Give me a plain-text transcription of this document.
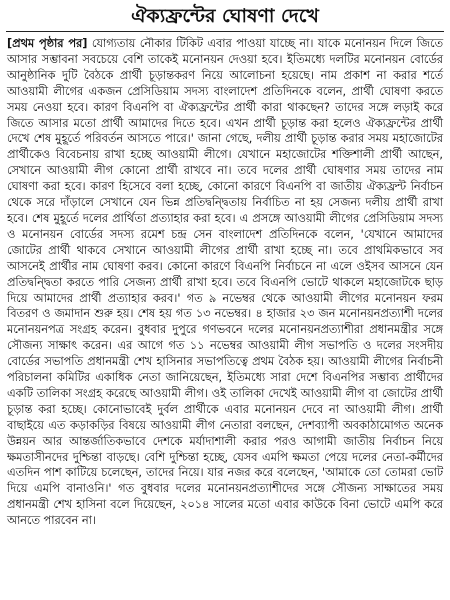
ঐক্যফ্রন্টের ঘোষণা দেখে

[প্রথম পৃষ্ঠার পর] যোগ্যতায় নৌকার টিকিট এবার পাওয়া যাচ্ছে না। যাকে মনোনয়ন দিলে জিতে আসার সম্ভাবনা সবচেয়ে বেশি তাকেই মনোনয়ন দেওয়া হবে। ইতিমধ্যে দলটির মনোনয়ন বোর্ডের আনুষ্ঠানিক দুটি বৈঠকে প্রার্থী চূড়ান্তকরণ নিয়ে আলোচনা হয়েছে। নাম প্রকাশ না করার শর্তে আওয়ামী লীগের একজন প্রেসিডিয়াম সদস্য বাংলাদেশ প্রতিদিনকে বলেন, প্রার্থী ঘোষণা করতে সময় নেওয়া হবে। কারণ বিএনপি বা ঐক্যফ্রন্টের প্রার্থী কারা থাকছেন? তাদের সঙ্গে লড়াই করে জিতে আসার মতো প্রার্থী আমাদের দিতে হবে। এখন প্রার্থী চূড়ান্ত করা হলেও ঐক্যফ্রন্টের প্রার্থী দেখে শেষ মুহূর্তে পরিবর্তন আসতে পারে।' জানা গেছে, দলীয় প্রার্থী চূড়ান্ত করার সময় মহাজোটের প্রার্থীকেও বিবেচনায় রাখা হচ্ছে আওয়ামী লীগে। যেখানে মহাজোটের শক্তিশালী প্রার্থী আছেন, সেখানে আওয়ামী লীগ কোনো প্রার্থী রাখবে না। তবে দলের প্রার্থী ঘোষণার সময় তাদের নাম ঘোষণা করা হবে। কারণ হিসেবে বলা হচ্ছে, কোনো কারণে বিএনপি বা জাতীয় ঐক্যফ্রন্ট নির্বাচন থেকে সরে দাঁড়ালে সেখানে যেন ভিন্ন প্রতিদ্বন্দ্বিতায় নির্বাচিত না হয় সেজন্য দলীয় প্রার্থী রাখা হবে। শেষ মুহূর্তে দলের প্রার্থিতা প্রত্যাহার করা হবে। এ প্রসঙ্গে আওয়ামী লীগের প্রেসিডিয়াম সদস্য ও মনোনয়ন বোর্ডের সদস্য রমেশ চন্দ্র সেন বাংলাদেশ প্রতিদিনকে বলেন, 'যেখানে আমাদের জোটের প্রার্থী থাকবে সেখানে আওয়ামী লীগের প্রার্থী রাখা হচ্ছে না। তবে প্রাথমিকভাবে সব আসনেই প্রার্থীর নাম ঘোষণা করব। কোনো কারণে বিএনপি নির্বাচনে না এলে ওইসব আসনে যেন প্রতিদ্বন্দ্বিতা করতে পারি সেজন্য প্রার্থী রাখা হবে। তবে বিএনপি ভোটে থাকলে মহাজোটকে ছাড় দিয়ে আমাদের প্রার্থী প্রত্যাহার করব।' গত ৯ নভেম্বর থেকে আওয়ামী লীগের মনোনয়ন ফরম বিতরণ ও জমাদান শুরু হয়। শেষ হয় গত ১৩ নভেম্বর। ৪ হাজার ২৩ জন মনোনয়নপ্রত্যাশী দলের মনোনয়নপত্র সংগ্রহ করেন। বুধবার দুপুরে গণভবনে দলের মনোনয়নপ্রত্যাশীরা প্রধানমন্ত্রীর সঙ্গে সৌজন্য সাক্ষাৎ করেন। এর আগে গত ১১ নভেম্বর আওয়ামী লীগ সভাপতি ও দলের সংসদীয় বোর্ডের সভাপতি প্রধানমন্ত্রী শেখ হাসিনার সভাপতিত্বে প্রথম বৈঠক হয়। আওয়ামী লীগের নির্বাচনী পরিচালনা কমিটির একাধিক নেতা জানিয়েছেন, ইতিমধ্যে সারা দেশে বিএনপির সম্ভাব্য প্রার্থীদের একটি তালিকা সংগ্রহ করেছে আওয়ামী লীগ। ওই তালিকা দেখেই আওয়ামী লীগ বা জোটের প্রার্থী চূড়ান্ত করা হচ্ছে। কোনোভাবেই দুর্বল প্রার্থীকে এবার মনোনয়ন দেবে না আওয়ামী লীগ। প্রার্থী বাছাইয়ে এত কড়াকড়ির বিষয়ে আওয়ামী লীগ নেতারা বলছেন, দেশব্যাপী অবকাঠামোগত অনেক উন্নয়ন আর আন্তর্জাতিকভাবে দেশকে মর্যাদাশালী করার পরও আগামী জাতীয় নির্বাচন নিয়ে ক্ষমতাসীনদের দুশ্চিন্তা বাড়ছে। বেশি দুশ্চিন্তা হচ্ছে, যেসব এমপি ক্ষমতা পেয়ে দলের নেতা-কর্মীদের এতদিন পাশ কাটিয়ে চলেছেন, তাদের নিয়ে। যার নজর করে বলেছেন, 'আমাকে তো তোমরা ভোট দিয়ে এমপি বানাওনি।' গত বুধবার দলের মনোনয়নপ্রত্যাশীদের সঙ্গে সৌজন্য সাক্ষাতের সময় প্রধানমন্ত্রী শেখ হাসিনা বলে দিয়েছেন, ২০১৪ সালের মতো এবার কাউকে বিনা ভোটে এমপি করে আনতে পারবেন না।
